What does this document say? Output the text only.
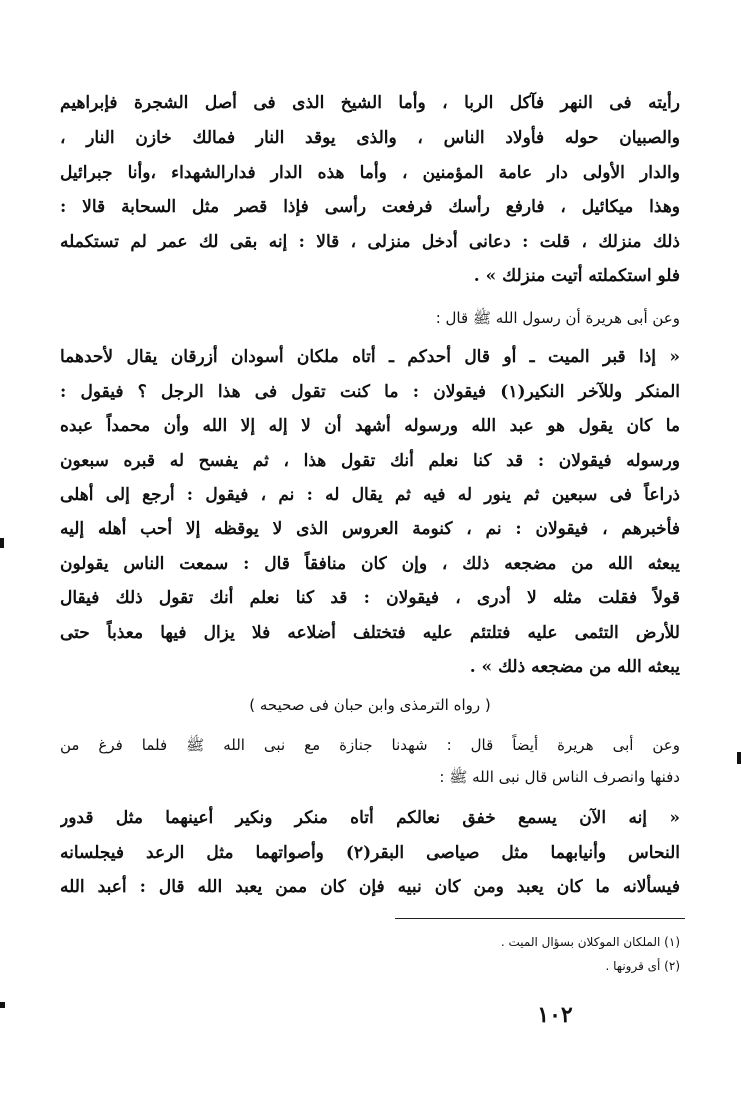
رأيته فى النهر فآكل الربا ، وأما الشيخ الذى فى أصل الشجرة فإبراهيم
والصبيان حوله فأولاد الناس ، والذى يوقد النار فمالك خازن النار ،
والدار الأولى دار عامة المؤمنين ، وأما هذه الدار فدارالشهداء ،وأنا جبرائيل
وهذا ميكائيل ، فارفع رأسك فرفعت رأسى فإذا قصر مثل السحابة قالا :
ذلك منزلك ، قلت : دعانى أدخل منزلى ، قالا : إنه بقى لك عمر لم تستكمله
فلو استكملته أتيت منزلك » .
وعن أبى هريرة أن رسول الله ﷺ قال :
« إذا قبر الميت ـ أو قال أحدكم ـ أتاه ملكان أسودان أزرقان يقال لأحدهما
المنكر وللآخر النكير(١) فيقولان : ما كنت تقول فى هذا الرجل ؟ فيقول :
ما كان يقول هو عبد الله ورسوله أشهد أن لا إله إلا الله وأن محمداً عبده
ورسوله فيقولان : قد كنا نعلم أنك تقول هذا ، ثم يفسح له قبره سبعون
ذراعاً فى سبعين ثم ينور له فيه ثم يقال له : نم ، فيقول : أرجع إلى أهلى
فأخبرهم ، فيقولان : نم ، كنومة العروس الذى لا يوقظه إلا أحب أهله إليه
يبعثه الله من مضجعه ذلك ، وإن كان منافقاً قال : سمعت الناس يقولون
قولاً فقلت مثله لا أدرى ، فيقولان : قد كنا نعلم أنك تقول ذلك فيقال
للأرض التئمى عليه فتلتئم عليه فتختلف أضلاعه فلا يزال فيها معذباً حتى
يبعثه الله من مضجعه ذلك » .
( رواه الترمذى وابن حبان فى صحيحه )
وعن أبى هريرة أيضاً قال : شهدنا جنازة مع نبى الله ﷺ فلما فرغ من
دفنها وانصرف الناس قال نبى الله ﷺ :
« إنه الآن يسمع خفق نعالكم أتاه منكر ونكير أعينهما مثل قدور
النحاس وأنيابهما مثل صياصى البقر(٢) وأصواتهما مثل الرعد فيجلسانه
فيسألانه ما كان يعبد ومن كان نبيه فإن كان ممن يعبد الله قال : أعبد الله
(١) الملكان الموكلان بسؤال الميت .
(٢) أى قرونها .
١٠٢
